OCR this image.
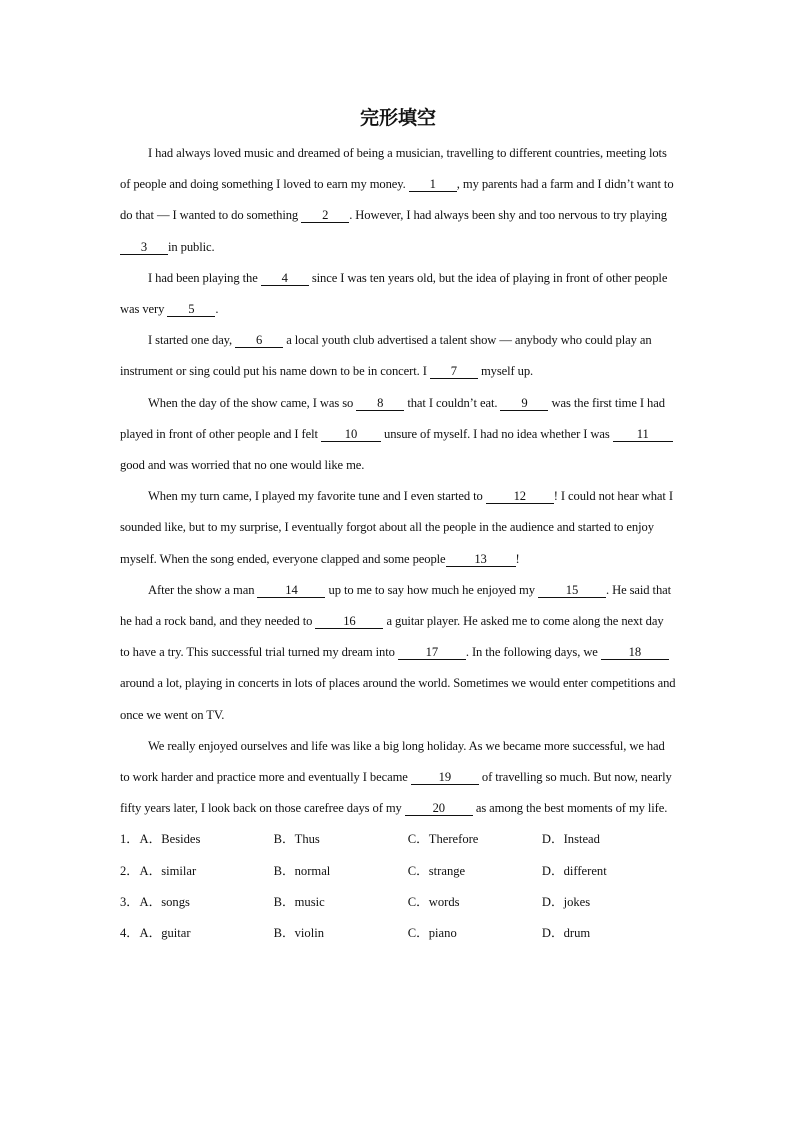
完形填空

I had always loved music and dreamed of being a musician, travelling to different countries, meeting lots of people and doing something I loved to earn my money. 1 , my parents had a farm and I didn’t want to do that — I wanted to do something 2 . However, I had always been shy and too nervous to try playing 3 in public.

I had been playing the 4 since I was ten years old, but the idea of playing in front of other people was very 5 .

I started one day, 6 a local youth club advertised a talent show — anybody who could play an instrument or sing could put his name down to be in concert. I 7 myself up.

When the day of the show came, I was so 8 that I couldn’t eat. 9 was the first time I had played in front of other people and I felt 10 unsure of myself. I had no idea whether I was 11 good and was worried that no one would like me.

When my turn came, I played my favorite tune and I even started to 12 ! I could not hear what I sounded like, but to my surprise, I eventually forgot about all the people in the audience and started to enjoy myself. When the song ended, everyone clapped and some people 13 !

After the show a man 14 up to me to say how much he enjoyed my 15 . He said that he had a rock band, and they needed to 16 a guitar player. He asked me to come along the next day to have a try. This successful trial turned my dream into 17 . In the following days, we 18 around a lot, playing in concerts in lots of places around the world. Sometimes we would enter competitions and once we went on TV.

We really enjoyed ourselves and life was like a big long holiday. As we became more successful, we had to work harder and practice more and eventually I became 19 of travelling so much. But now, nearly fifty years later, I look back on those carefree days of my 20 as among the best moments of my life.

1． A．Besides	B．Thus	C．Therefore	D．Instead
2． A．similar	B．normal	C．strange	D．different
3． A．songs	B．music	C．words	D．jokes
4． A．guitar	B．violin	C．piano	D．drum
